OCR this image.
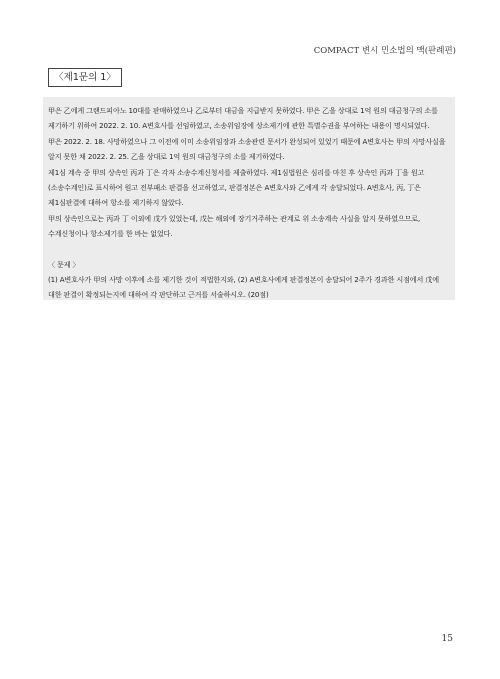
COMPACT 변시 민소법의 맥(판례편)
〈제1문의 1〉

甲은 乙에게 그랜드피아노 10대를 판매하였으나 乙로부터 대금을 지급받지 못하였다. 甲은 乙을 상대로 1억 원의 대금청구의 소를 제기하기 위하여 2022. 2. 10. A변호사를 선임하였고, 소송위임장에 상소제기에 관한 특별수권을 부여하는 내용이 명시되었다.

甲은 2022. 2. 18. 사망하였으나 그 이전에 이미 소송위임장과 소송관련 문서가 완성되어 있었기 때문에 A변호사는 甲의 사망사실을 알지 못한 채 2022. 2. 25. 乙을 상대로 1억 원의 대금청구의 소를 제기하였다.

제1심 계속 중 甲의 상속인 丙과 丁은 각자 소송수계신청서를 제출하였다. 제1심법원은 심리를 마친 후 상속인 丙과 丁을 원고(소송수계인)로 표시하여 원고 전부패소 판결을 선고하였고, 판결정본은 A변호사와 乙에게 각 송달되었다. A변호사, 丙, 丁은 제1심판결에 대하여 항소를 제기하지 않았다.

甲의 상속인으로는 丙과 丁 이외에 戊가 있었는데, 戊는 해외에 장기거주하는 관계로 위 소송계속 사실을 알지 못하였으므로, 수계신청이나 항소제기를 한 바는 없었다.

〈 문제 〉

(1) A변호사가 甲의 사망 이후에 소를 제기한 것이 적법한지와, (2) A변호사에게 판결정본이 송달되어 2주가 경과한 시점에서 戊에 대한 판결이 확정되는지에 대하여 각 판단하고 근거를 서술하시오. (20점)

15
